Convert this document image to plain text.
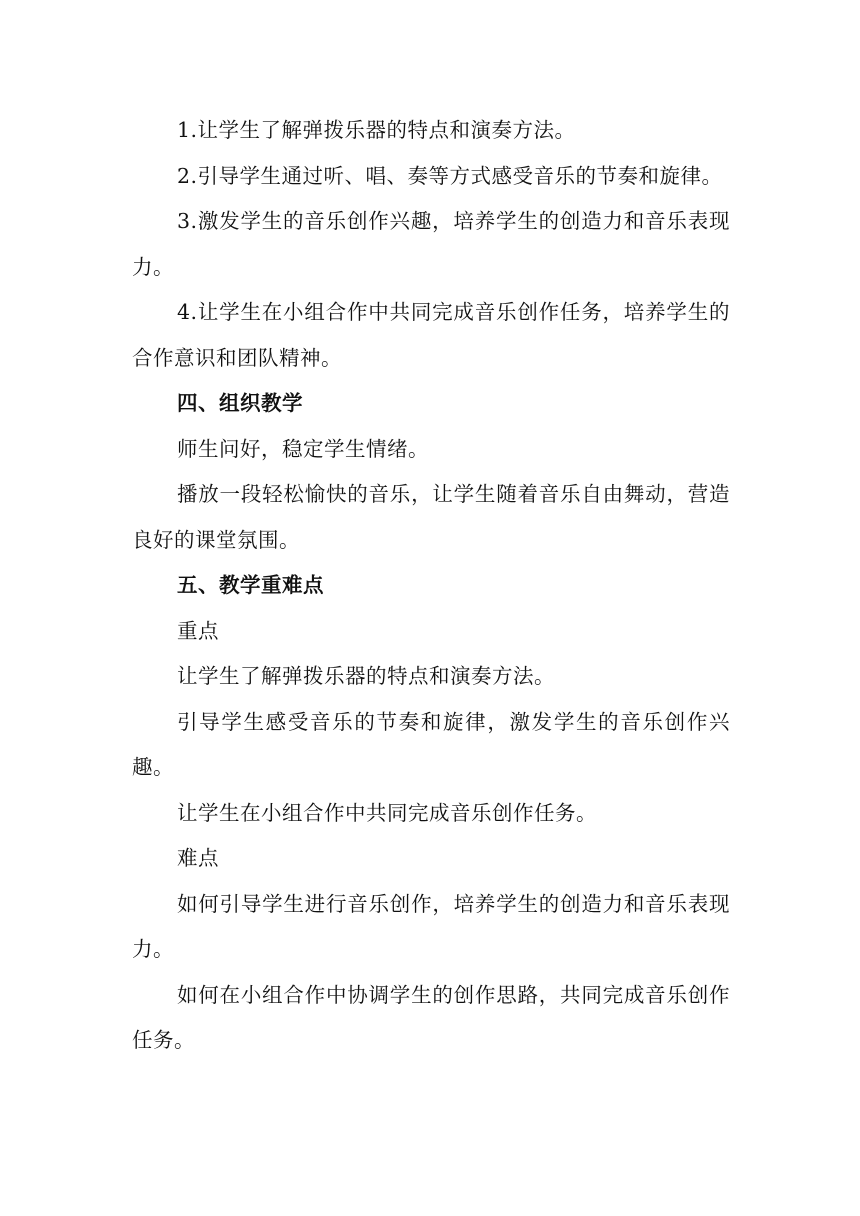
1.让学生了解弹拨乐器的特点和演奏方法。

2.引导学生通过听、唱、奏等方式感受音乐的节奏和旋律。

3.激发学生的音乐创作兴趣，培养学生的创造力和音乐表现力。

4.让学生在小组合作中共同完成音乐创作任务，培养学生的合作意识和团队精神。

四、组织教学

师生问好，稳定学生情绪。

播放一段轻松愉快的音乐，让学生随着音乐自由舞动，营造良好的课堂氛围。

五、教学重难点

重点

让学生了解弹拨乐器的特点和演奏方法。

引导学生感受音乐的节奏和旋律，激发学生的音乐创作兴趣。

让学生在小组合作中共同完成音乐创作任务。

难点

如何引导学生进行音乐创作，培养学生的创造力和音乐表现力。

如何在小组合作中协调学生的创作思路，共同完成音乐创作任务。
